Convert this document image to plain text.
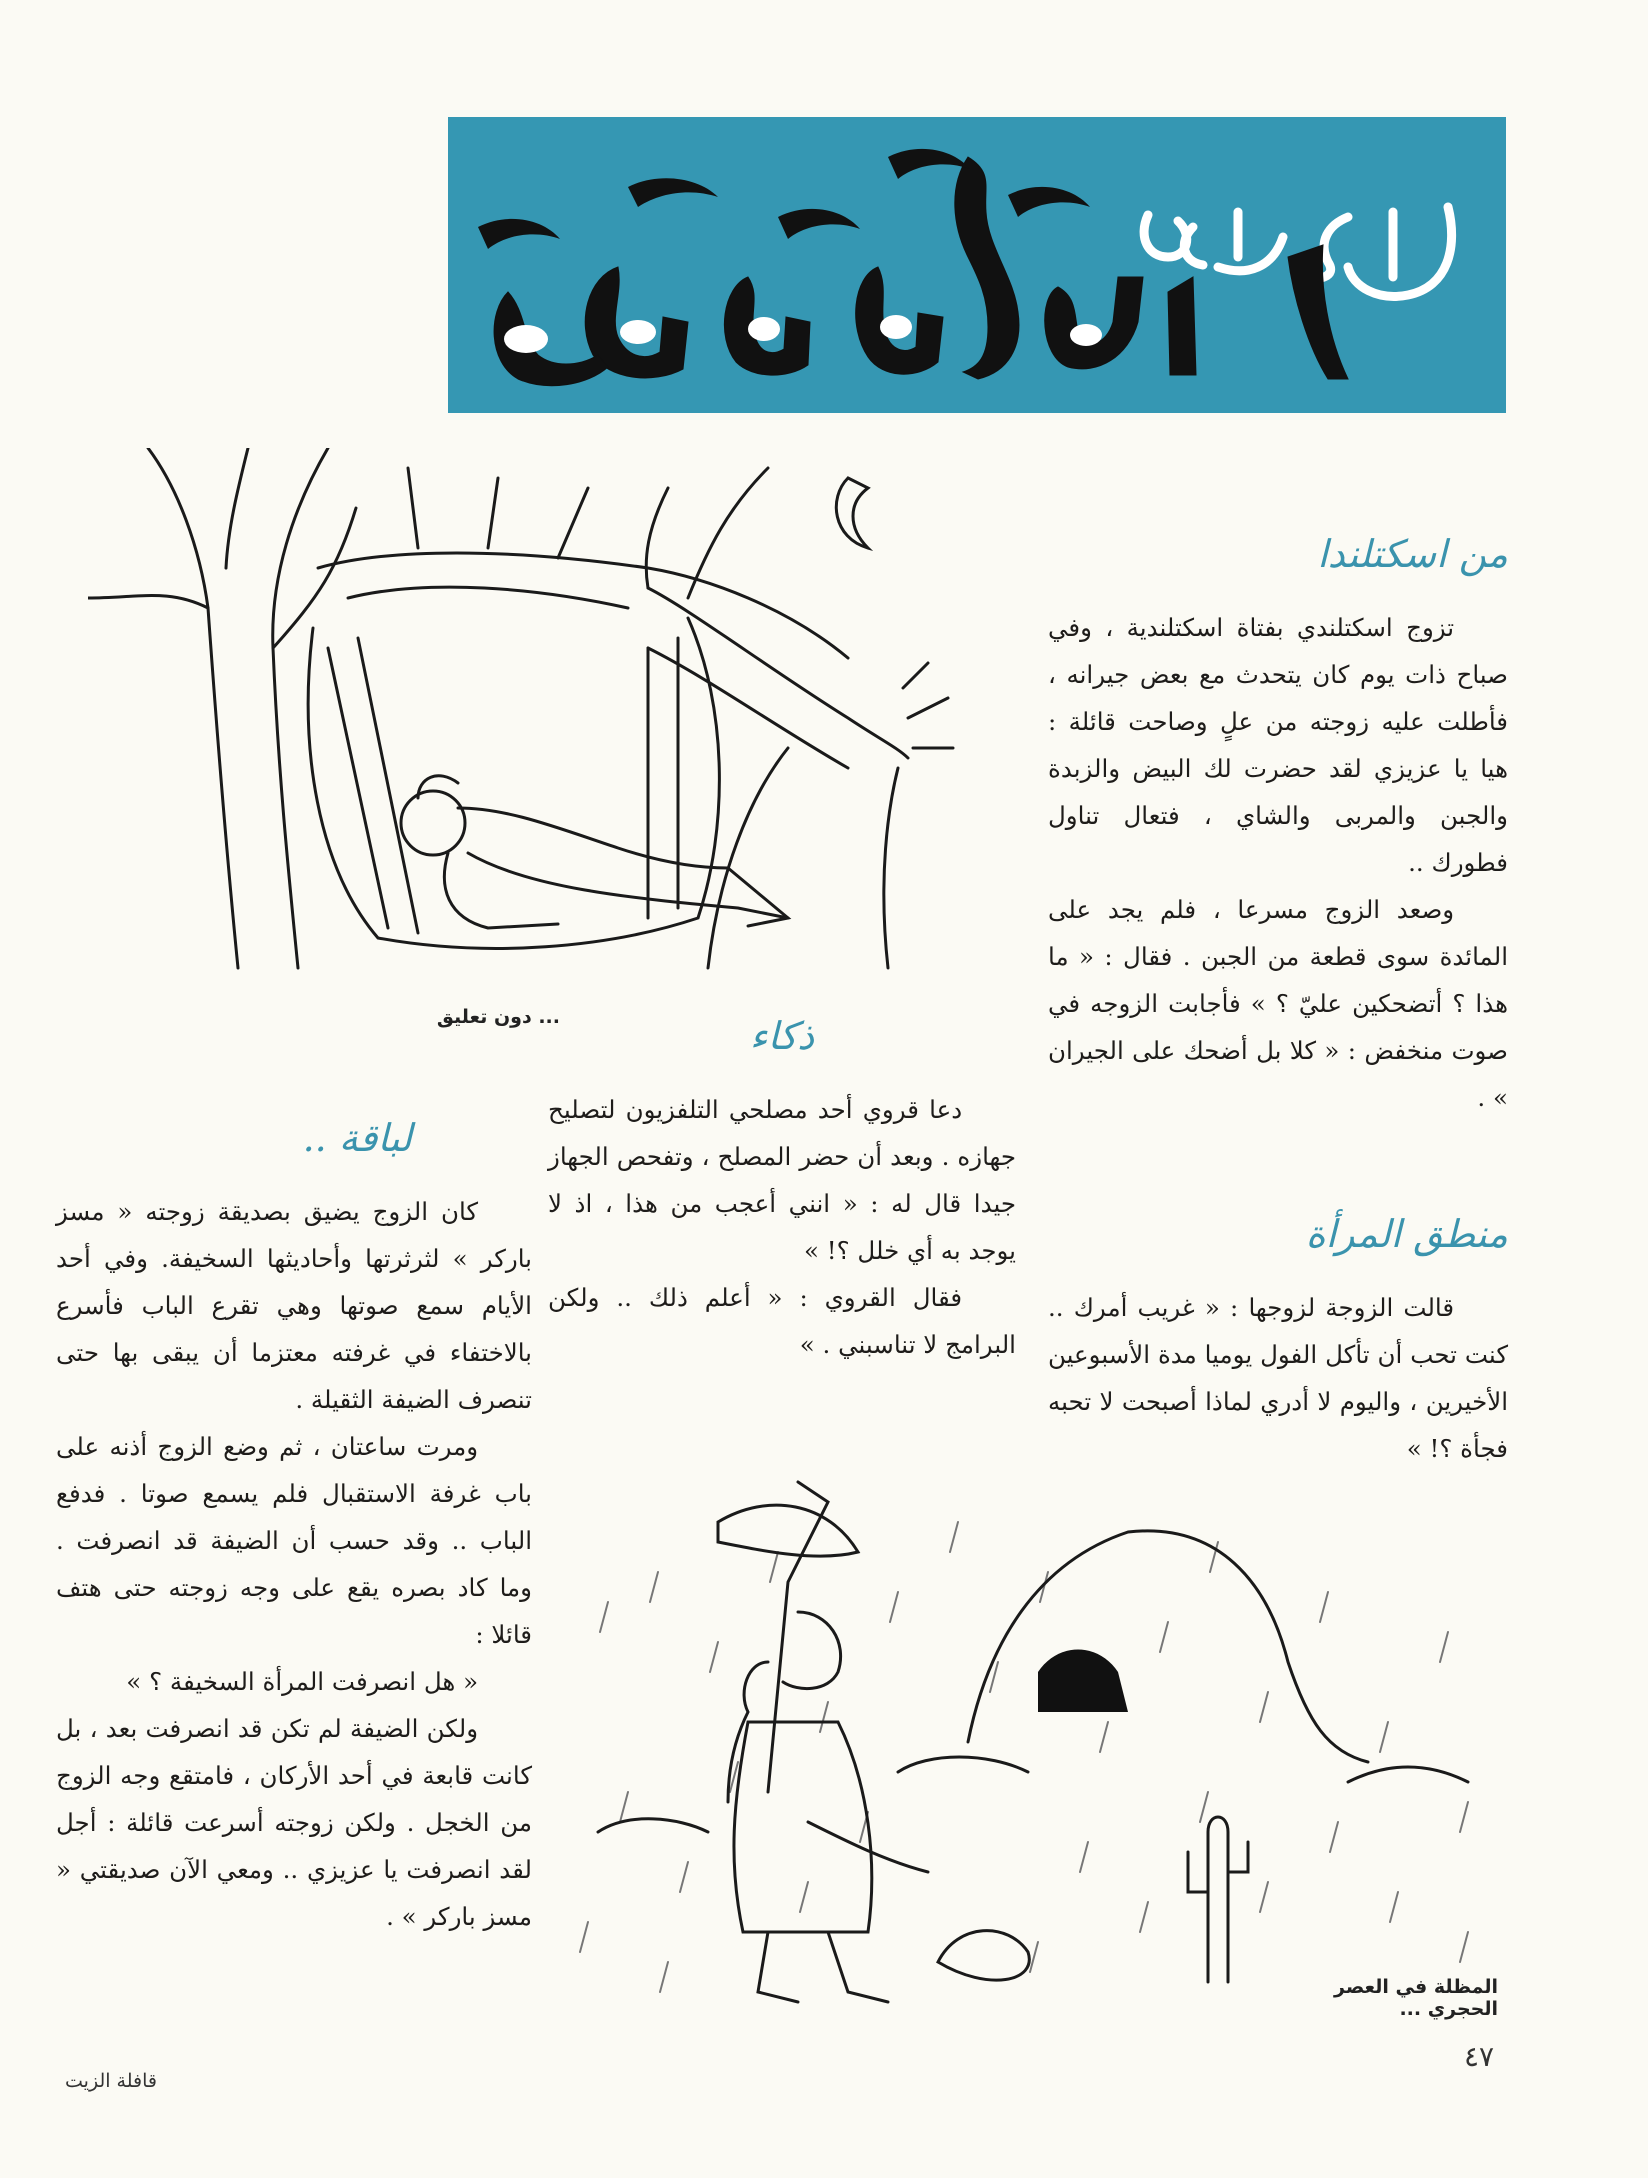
... دون تعليق
من اسكتلندا

تزوج اسكتلندي بفتاة اسكتلندية ، وفي صباح ذات يوم كان يتحدث مع بعض جيرانه ، فأطلت عليه زوجته من علٍ وصاحت قائلة : هيا يا عزيزي لقد حضرت لك البيض والزبدة والجبن والمربى والشاي ، فتعال تناول فطورك ..

وصعد الزوج مسرعا ، فلم يجد على المائدة سوى قطعة من الجبن . فقال : « ما هذا ؟ أتضحكين عليّ ؟ » فأجابت الزوجه في صوت منخفض : « كلا بل أضحك على الجيران » .

منطق المرأة

قالت الزوجة لزوجها : « غريب أمرك .. كنت تحب أن تأكل الفول يوميا مدة الأسبوعين الأخيرين ، واليوم لا أدري لماذا أصبحت لا تحبه فجأة ؟! »

ذكاء

دعا قروي أحد مصلحي التلفزيون لتصليح جهازه . وبعد أن حضر المصلح ، وتفحص الجهاز جيدا قال له : « انني أعجب من هذا ، اذ لا يوجد به أي خلل ؟! »

فقال القروي : « أعلم ذلك .. ولكن البرامج لا تناسبني . »

لباقة ..

كان الزوج يضيق بصديقة زوجته « مسز باركر » لثرثرتها وأحاديثها السخيفة. وفي أحد الأيام سمع صوتها وهي تقرع الباب فأسرع بالاختفاء في غرفته معتزما أن يبقى بها حتى تنصرف الضيفة الثقيلة .

ومرت ساعتان ، ثم وضع الزوج أذنه على باب غرفة الاستقبال فلم يسمع صوتا . فدفع الباب .. وقد حسب أن الضيفة قد انصرفت . وما كاد بصره يقع على وجه زوجته حتى هتف قائلا :

« هل انصرفت المرأة السخيفة ؟ »

ولكن الضيفة لم تكن قد انصرفت بعد ، بل كانت قابعة في أحد الأركان ، فامتقع وجه الزوج من الخجل . ولكن زوجته أسرعت قائلة : أجل لقد انصرفت يا عزيزي .. ومعي الآن صديقتي « مسز باركر » .

المظلة في العصر الحجري ...
٤٧
قافلة الزيت
